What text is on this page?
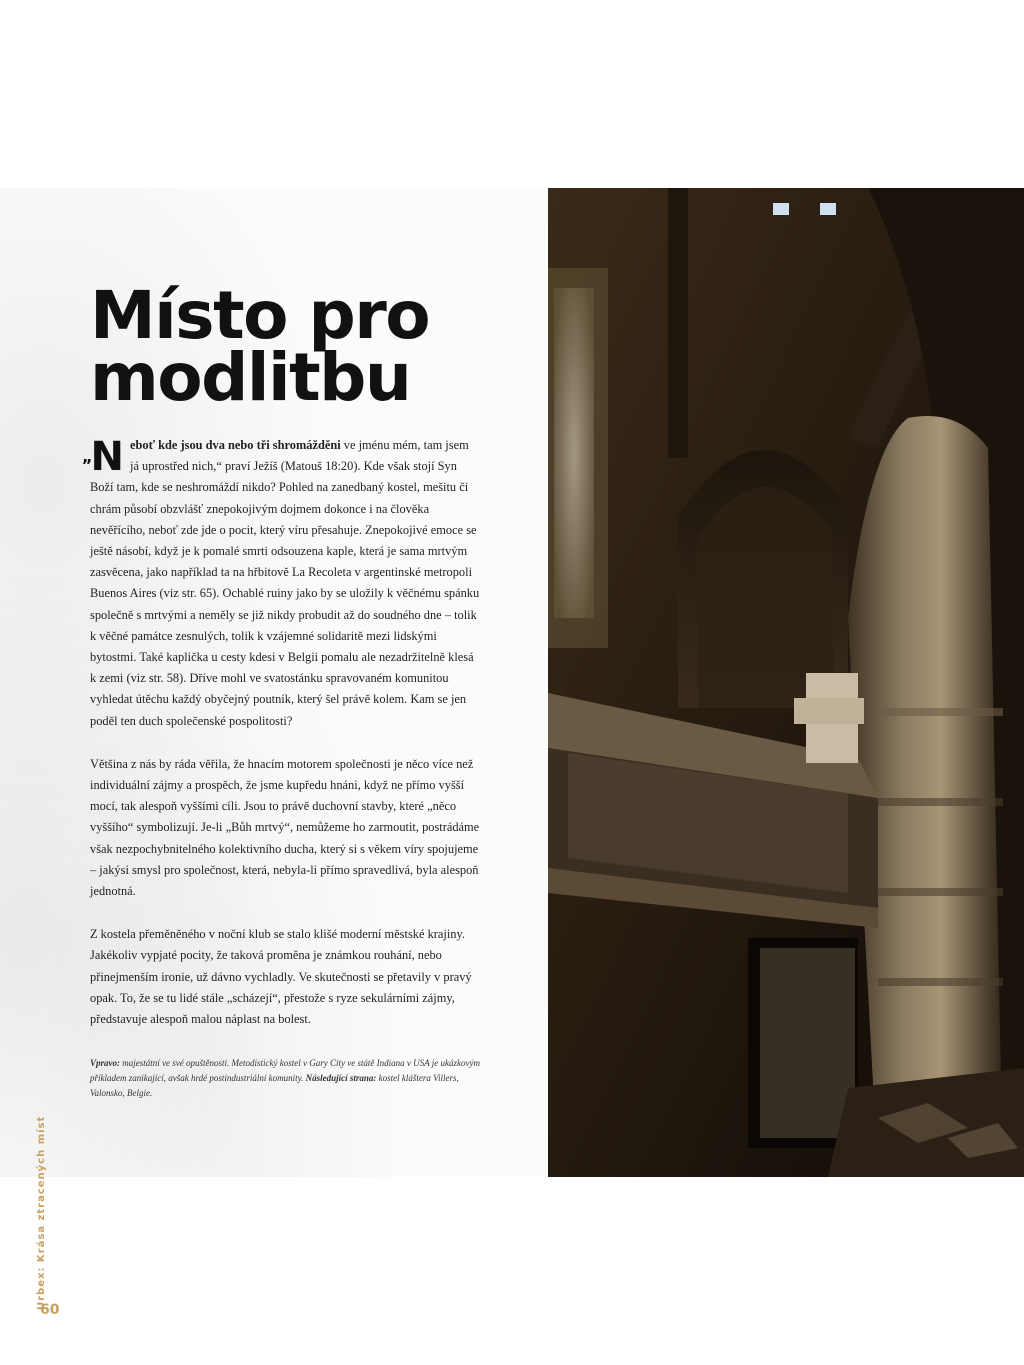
Místo pro
modlitbu

„N eboť kde jsou dva nebo tři shromážděni ve jménu mém, tam jsem já uprostřed nich,“ praví Ježíš (Matouš 18:20). Kde však stojí Syn Boží tam, kde se neshromáždí nikdo? Pohled na zanedbaný kostel, mešitu či chrám působí obzvlášť znepokojivým dojmem dokonce i na člověka nevěřícího, neboť zde jde o pocit, který víru přesahuje. Znepokojivé emoce se ještě násobí, když je k pomalé smrti odsouzena kaple, která je sama mrtvým zasvěcena, jako například ta na hřbitově La Recoleta v argentinské metropoli Buenos Aires (viz str. 65). Ochablé ruiny jako by se uložily k věčnému spánku společně s mrtvými a neměly se již nikdy probudit až do soudného dne – tolik k věčné památce zesnulých, tolik k vzájemné solidaritě mezi lidskými bytostmi. Také kaplička u cesty kdesi v Belgii pomalu ale nezadržitelně klesá k zemi (viz str. 58). Dříve mohl ve svatostánku spravovaném komunitou vyhledat útěchu každý obyčejný poutník, který šel právě kolem. Kam se jen poděl ten duch společenské pospolitosti?

Většina z nás by ráda věřila, že hnacím motorem společnosti je něco více než individuální zájmy a prospěch, že jsme kupředu hnáni, když ne přímo vyšší mocí, tak alespoň vyššími cíli. Jsou to právě duchovní stavby, které „něco vyššího“ symbolizují. Je-li „Bůh mrtvý“, nemůžeme ho zarmoutit, postrádáme však nezpochybnitelného kolektivního ducha, který si s věkem víry spojujeme – jakýsi smysl pro společnost, která, nebyla-li přímo spravedlivá, byla alespoň jednotná.

Z kostela přeměněného v noční klub se stalo klišé moderní městské krajiny. Jakékoliv vypjaté pocity, že taková proměna je známkou rouhání, nebo přinejmenším ironie, už dávno vychladly. Ve skutečnosti se přetavily v pravý opak. To, že se tu lidé stále „scházejí“, přestože s ryze sekulárními zájmy, představuje alespoň malou náplast na bolest.

Vpravo: majestátní ve své opuštěnosti. Metodistický kostel v Gary City ve státě Indiana v USA je ukázkovým příkladem zanikající, avšak hrdé postindustriální komunity. Následující strana: kostel kláštera Villers, Valonsko, Belgie.
Urbex: Krása ztracených míst
60
